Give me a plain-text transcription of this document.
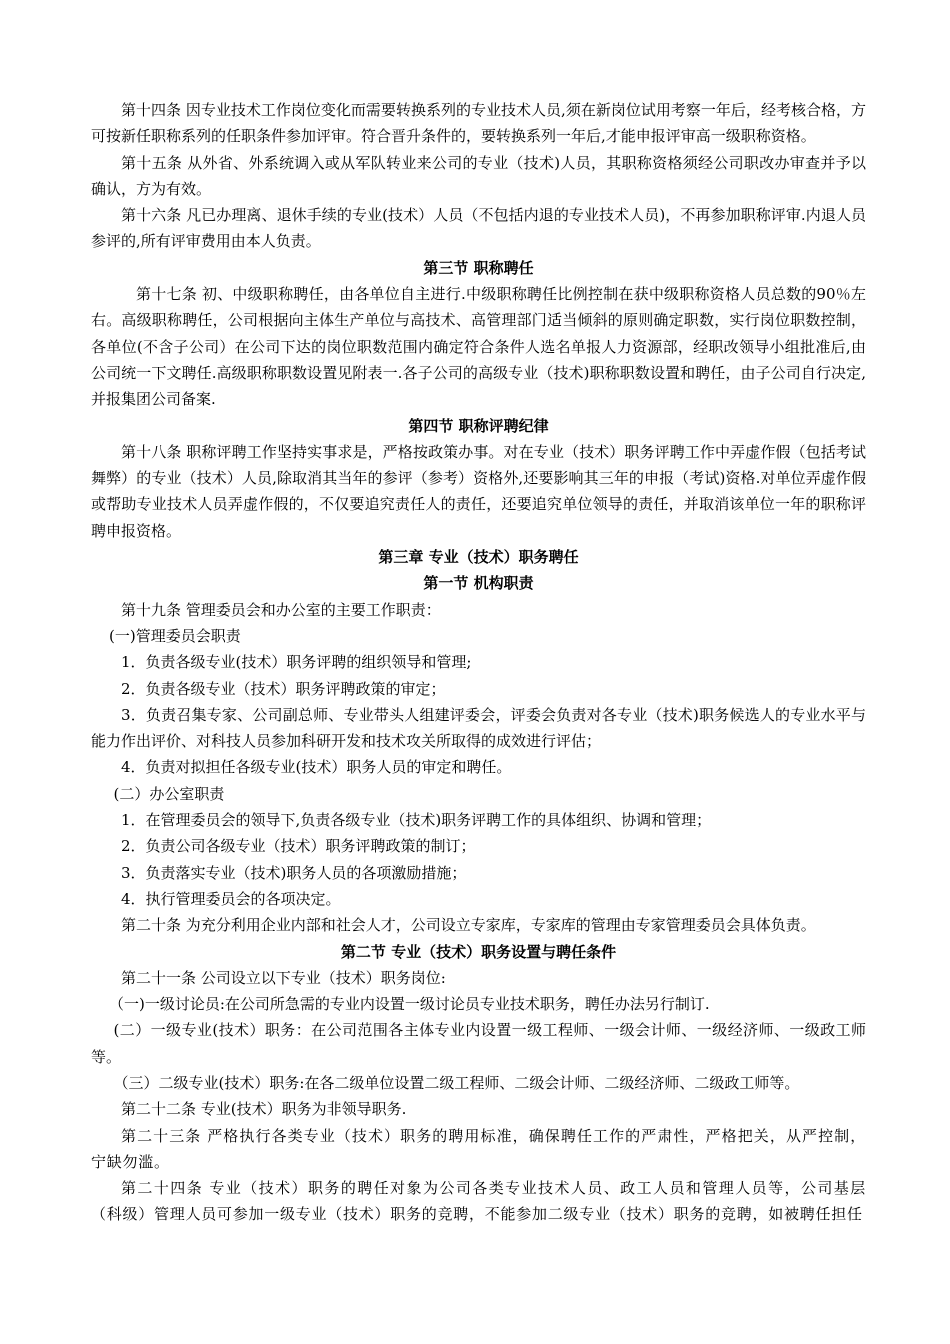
第十四条 因专业技术工作岗位变化而需要转换系列的专业技术人员,须在新岗位试用考察一年后，经考核合格，方可按新任职称系列的任职条件参加评审。符合晋升条件的，要转换系列一年后,才能申报评审高一级职称资格。

第十五条 从外省、外系统调入或从军队转业来公司的专业（技术)人员，其职称资格须经公司职改办审查并予以确认，方为有效。

第十六条 凡已办理离、退休手续的专业(技术）人员（不包括内退的专业技术人员)，不再参加职称评审.内退人员参评的,所有评审费用由本人负责。

第三节 职称聘任

第十七条 初、中级职称聘任，由各单位自主进行.中级职称聘任比例控制在获中级职称资格人员总数的90％左右。高级职称聘任，公司根据向主体生产单位与高技术、高管理部门适当倾斜的原则确定职数，实行岗位职数控制，各单位(不含子公司）在公司下达的岗位职数范围内确定符合条件人选名单报人力资源部，经职改领导小组批准后,由公司统一下文聘任.高级职称职数设置见附表一.各子公司的高级专业（技术)职称职数设置和聘任，由子公司自行决定,并报集团公司备案.

第四节 职称评聘纪律

第十八条 职称评聘工作坚持实事求是，严格按政策办事。对在专业（技术）职务评聘工作中弄虚作假（包括考试舞弊）的专业（技术）人员,除取消其当年的参评（参考）资格外,还要影响其三年的申报（考试)资格.对单位弄虚作假或帮助专业技术人员弄虚作假的，不仅要追究责任人的责任，还要追究单位领导的责任，并取消该单位一年的职称评聘申报资格。

第三章 专业（技术）职务聘任

第一节 机构职责

第十九条 管理委员会和办公室的主要工作职责：

(一)管理委员会职责

1．负责各级专业(技术）职务评聘的组织领导和管理;

2．负责各级专业（技术）职务评聘政策的审定；

3．负责召集专家、公司副总师、专业带头人组建评委会，评委会负责对各专业（技术)职务候选人的专业水平与能力作出评价、对科技人员参加科研开发和技术攻关所取得的成效进行评估；

4．负责对拟担任各级专业(技术）职务人员的审定和聘任。

(二）办公室职责

1．在管理委员会的领导下,负责各级专业（技术)职务评聘工作的具体组织、协调和管理；

2．负责公司各级专业（技术）职务评聘政策的制订；

3．负责落实专业（技术)职务人员的各项激励措施；

4．执行管理委员会的各项决定。

第二十条 为充分利用企业内部和社会人才，公司设立专家库，专家库的管理由专家管理委员会具体负责。

第二节 专业（技术）职务设置与聘任条件

第二十一条 公司设立以下专业（技术）职务岗位:

（一)一级讨论员:在公司所急需的专业内设置一级讨论员专业技术职务，聘任办法另行制订.

(二）一级专业(技术）职务：在公司范围各主体专业内设置一级工程师、一级会计师、一级经济师、一级政工师等。

（三）二级专业(技术）职务:在各二级单位设置二级工程师、二级会计师、二级经济师、二级政工师等。

第二十二条 专业(技术）职务为非领导职务.

第二十三条 严格执行各类专业（技术）职务的聘用标准，确保聘任工作的严肃性，严格把关，从严控制，宁缺勿滥。

第二十四条 专业（技术）职务的聘任对象为公司各类专业技术人员、政工人员和管理人员等，公司基层（科级）管理人员可参加一级专业（技术）职务的竞聘，不能参加二级专业（技术）职务的竞聘，如被聘任担任
